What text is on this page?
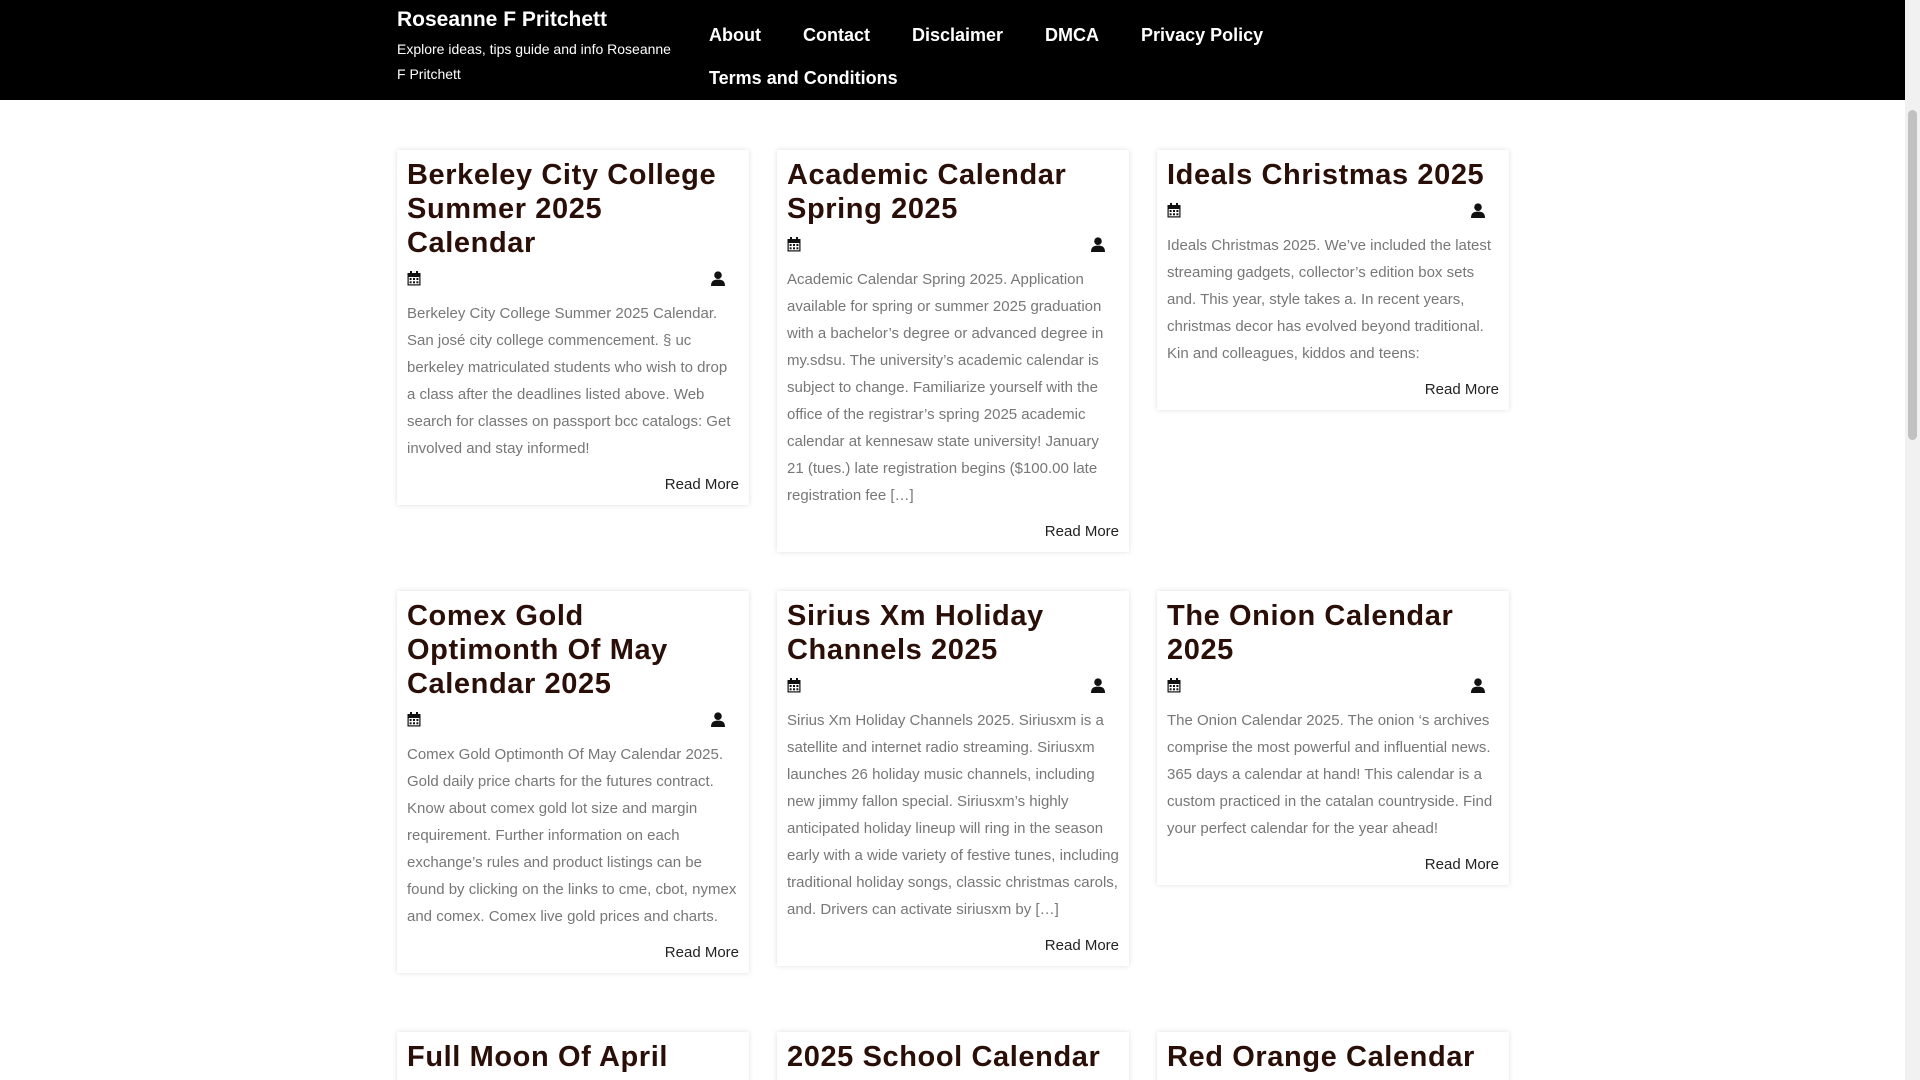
Roseanne F Pritchett

Explore ideas, tips guide and info Roseanne F Pritchett

About	Contact	Disclaimer	DMCA	Privacy Policy
Terms and Conditions
Berkeley City College Summer 2025 Calendar

Berkeley City College Summer 2025 Calendar. San josé city college commencement. § uc berkeley matriculated students who wish to drop a class after the deadlines listed above. Web search for classes on passport bcc catalogs: Get involved and stay informed!

Read More
Academic Calendar Spring 2025

Academic Calendar Spring 2025. Application available for spring or summer 2025 graduation with a bachelor’s degree or advanced degree in my.sdsu. The university’s academic calendar is subject to change. Familiarize yourself with the office of the registrar’s spring 2025 academic calendar at kennesaw state university! January 21 (tues.) late registration begins ($100.00 late registration fee […]

Read More
Ideals Christmas 2025

Ideals Christmas 2025. We’ve included the latest streaming gadgets, collector’s edition box sets and. This year, style takes a. In recent years, christmas decor has evolved beyond traditional. Kin and colleagues, kiddos and teens:

Read More
Comex Gold Optimonth Of May Calendar 2025

Comex Gold Optimonth Of May Calendar 2025. Gold daily price charts for the futures contract. Know about comex gold lot size and margin requirement. Further information on each exchange’s rules and product listings can be found by clicking on the links to cme, cbot, nymex and comex. Comex live gold prices and charts.

Read More
Sirius Xm Holiday Channels 2025

Sirius Xm Holiday Channels 2025. Siriusxm is a satellite and internet radio streaming. Siriusxm launches 26 holiday music channels, including new jimmy fallon special. Siriusxm’s highly anticipated holiday lineup will ring in the season early with a wide variety of festive tunes, including traditional holiday songs, classic christmas carols, and. Drivers can activate siriusxm by […]

Read More
The Onion Calendar 2025

The Onion Calendar 2025. The onion ‘s archives comprise the most powerful and influential news. 365 days a calendar at hand! This calendar is a custom practiced in the catalan countryside. Find your perfect calendar for the year ahead!

Read More
Full Moon Of April	2025 School Calendar	Red Orange Calendar
